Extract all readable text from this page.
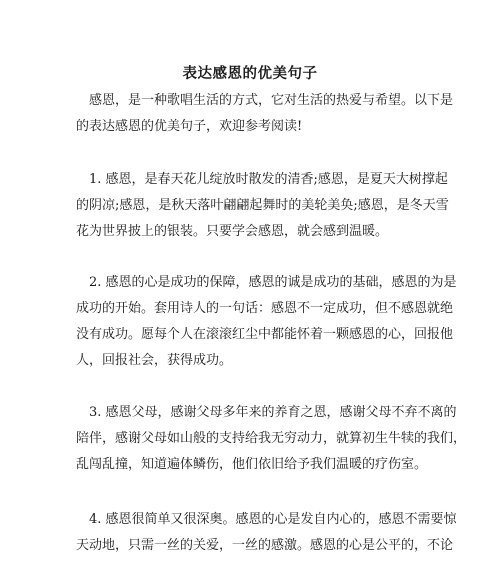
表达感恩的优美句子
感恩，是一种歌唱生活的方式，它对生活的热爱与希望。以下是
的表达感恩的优美句子，欢迎参考阅读!
1. 感恩，是春天花儿绽放时散发的清香;感恩，是夏天大树撑起
的阴凉;感恩，是秋天落叶翩翩起舞时的美轮美奂;感恩，是冬天雪
花为世界披上的银装。只要学会感恩，就会感到温暖。
2. 感恩的心是成功的保障，感恩的诚是成功的基础，感恩的为是
成功的开始。套用诗人的一句话：感恩不一定成功，但不感恩就绝
没有成功。愿每个人在滚滚红尘中都能怀着一颗感恩的心，回报他
人，回报社会，获得成功。
3. 感恩父母，感谢父母多年来的养育之恩，感谢父母不弃不离的
陪伴，感谢父母如山般的支持给我无穷动力，就算初生牛犊的我们，
乱闯乱撞，知道遍体鳞伤，他们依旧给予我们温暖的疗伤室。
4. 感恩很简单又很深奥。感恩的心是发自内心的，感恩不需要惊
天动地，只需一丝的关爱，一丝的感激。感恩的心是公平的，不论
